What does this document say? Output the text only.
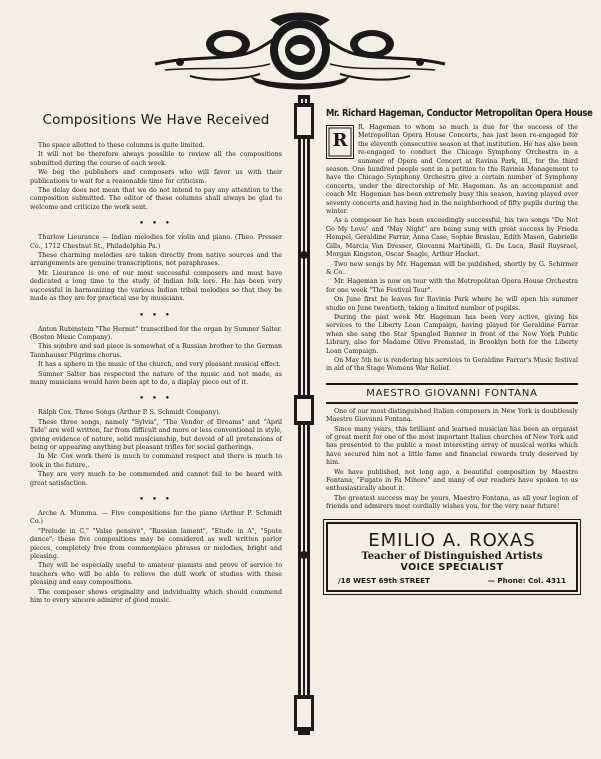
Compositions We Have Received

The space allotted to these columns is quite limited.

It will not be therefore always possible to review all the compositions submitted during the course of each week.

We beg the publishers and composers who will favor us with their publications to wait for a reasonable time for criticism.

The delay does not mean that we do not intend to pay any attention to the composition submitted. The editor of these columns shall always be glad to welcome and criticize the work sent.

• • •

Thurlow Lieurance — Indian melodies for violin and piano. (Theo. Presser Co., 1712 Chestnut St., Philadelphia Pa.)

These charming melodies are taken directly from native sources and the arrangements are genuine transcriptions, not paraphrases.

Mr. Lieurance is one of our most successful composers and must have dedicated a long time to the study of Indian folk lore. He has been very successful in harmonizing the various Indian tribal melodies so that they be made as they are for practical use by musicians.

• • •

Anton Rubinstein "The Hermit" transcribed for the organ by Sumner Salter. (Boston Music Company).

This sombre and sad piece is somewhat of a Russian brother to the German Tannhauser Pilgrims chorus.

It has a sphere in the music of the church, and very pleasant musical effect.

Sumner Salter has respected the nature of the music and not made, as many musicians would have been apt to do, a display piece out of it.

• • •

Ralph Cox. Three Songs (Arthur P. S. Schmidt Company).

These three songs, namely "Sylvia", "The Vendor of Dreams" and "April Tide" are well written, far from difficult and more or less conventional in style, giving evidence of nature, solid musicianship, but devoid of all pretensions of being or appearing anything but pleasant trifles for social gatherings.

In Mr. Cox work there is much to command respect and there is much to look in the future,.

They are very much to be commended and cannot fail to be heard with great satisfaction.

• • •

Arche A. Mumma. — Five compositions for the piano (Arthur P. Schmidt Co.)

"Prelude in C," "Valse pensive", "Russian lament", "Etude in A", "Spute dance"; these five compositions may be considered as well written parlor pieces, completely free from commonplace phrases or melodies, bright and pleasing.

They will be especially useful to amateur pianists and prove of service to teachers who will be able to relieve the dull work of studies with these pleasing and easy compositions.

The composer shows originality and indviduality which should commend him to every sincere admirer of good music.

Mr. Richard Hageman, Conductor Metropolitan Opera House
R

R. Hageman to whom so much is due for the success of the Metropolitan Opera House Concerts, has just been re-engaged for the eleventh consecutive season at that institution. He has also been re-engaged to conduct the Chicago Symphony Orchestra in a summer of Opera and Concert at Ravina Park, Ill., for the third season. One hundred people sent in a petition to the Ravinia Management to have the Chicago Symphony Orchestra give a certain number of Symphony concerts, under the directorship of Mr. Hageman. As an accompanist and coach Mr. Hageman has been extremely busy this season, having played over seventy concerts and having had in the neighborhood of fifty pupils during the winter.

As a composer he has been exceedingly successful, his two songs "Do Not Go My Love" and "May Night" are being sung with great success by Frieda Hempel, Geraldine Farrar, Anna Case, Sophie Braslau, Edith Mason, Gabrielle Gills, Marcia Van Dresser, Giovanni Martinelli, G. De Luca, Basil Ruysrael, Morgan Kingston, Oscar Seagle, Arthur Hacket.

Two new songs by Mr. Hageman will be published, shortly by G. Schirmer & Co..

Mr. Hageman is now on tour with the Metropolitan Opera House Orchestra for one week "The Festival Tour".

On June first he leaves for Ravinia Park where he will open his summer studio on June twentieth, taking a limited number of pupilss.

During the past week Mr. Hageman has been very active, giving his services to the Liberty Loan Campaign, having played for Geraldine Farrar when she sang the Star Spangled Banner in front of the New York Public Library, also for Madame Olive Fremstad, in Brooklyn both for the Liberty Loan Campaign.

On May 5th he is rendering his services to Geraldine Farrar's Music festival in aid of the Stage Womens War Relief.

MAESTRO GIOVANNI FONTANA

One of our most distinguished Italian composers in New York is doubtlessly Maestro Giovanni Fontana.

Since many years, this brilliant and learned musician has been an organist of great merit for one of the most important Italian churches of New York and has presented to the public a most interesting array of musical works which have secured him not a little fame and financial rewards truly deserved by him.

We have published, not long ago, a beautiful composition by Maestro Fontana, "Fugato in Fa Minore" and many of our readers have spoken to us enthusiastically about it.

The greatest success may be yours, Maestro Fontana, as all your legion of friends and admirers most cordially wishes you, for the very near future!

EMILIO A. ROXAS
Teacher of Distinguished Artists
VOICE SPECIALIST
/18 WEST 69th STREET	— Phone: Col. 4311
